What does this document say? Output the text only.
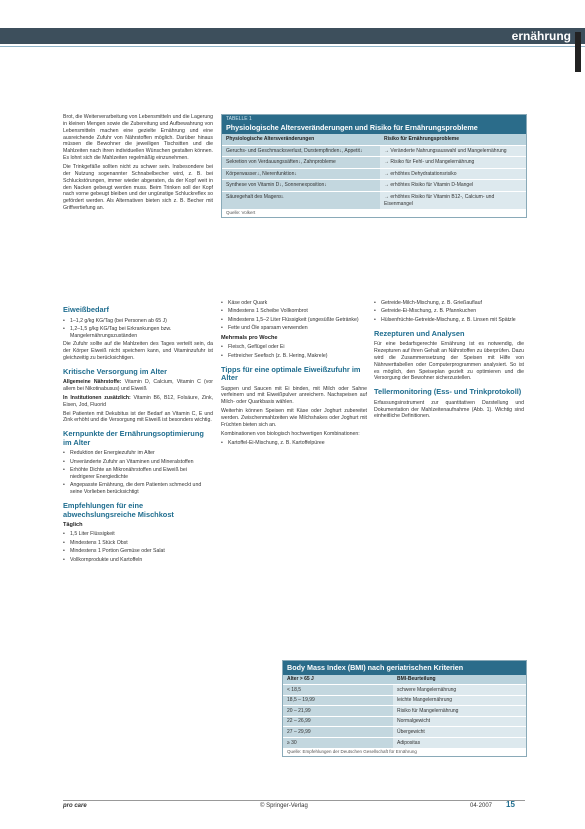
ernährung

Brot, die Weiterverarbeitung von Lebensmitteln und die Lagerung in kleinen Mengen sowie die Zubereitung und Aufbewahrung von Lebensmitteln machen eine gezielte Ernährung und eine ausreichende Zufuhr von Nährstoffen möglich. Darüber hinaus müssen die Bewohner die jeweiligen Tischsitten und die Mahlzeiten nach ihren individuellen Wünschen gestalten können. Es lohnt sich die Mahlzeiten regelmäßig einzunehmen.

Die Trinkgefäße sollten nicht zu schwer sein. Insbesondere bei der Nutzung sogenannter Schnabelbecher wird, z. B. bei Schluckstörungen, immer wieder abgeraten, da der Kopf weit in den Nacken gebeugt werden muss. Beim Trinken soll der Kopf nach vorne gebeugt bleiben und der ungünstige Schluckreflex so gefördert werden. Als Alternativen bieten sich z. B. Becher mit Griffvertiefung an.

TABELLE 1
Physiologische Altersveränderungen und Risiko für Ernährungsprobleme
Physiologische Altersveränderungen	Risiko für Ernährungsprobleme
Geruchs- und Geschmacksverlust, Durstempfinden↓, Appetit↓	→ Veränderte Nahrungsauswahl und Mangelernährung
Sekretion von Verdauungssäften↓, Zahnprobleme	→ Risiko für Fehl- und Mangelernährung
Körperwasser↓, Nierenfunktion↓	→ erhöhtes Dehydratationsrisiko
Synthese von Vitamin D↓, Sonnenexposition↓	→ erhöhtes Risiko für Vitamin D-Mangel
Säuregehalt des Magens↓	→ erhöhtes Risiko für Vitamin B12-, Calcium- und Eisenmangel
Quelle: Volkert
Eiweißbedarf
• 1–1,2 g/kg KG/Tag (bei Personen ab 65 J)
• 1,2–1,5 g/kg KG/Tag bei Erkrankungen bzw. Mangelernährungszuständen

Die Zufuhr sollte auf die Mahlzeiten des Tages verteilt sein, da der Körper Eiweiß nicht speichern kann, und Vitaminzufuhr ist gleichzeitig zu berücksichtigen.

Kritische Versorgung im Alter

Allgemeine Nährstoffe: Vitamin D, Calcium, Vitamin C (vor allem bei Nikotinabusus) und Eiweiß

In Institutionen zusätzlich: Vitamin B6, B12, Folsäure, Zink, Eisen, Jod, Fluorid

Bei Patienten mit Dekubitus ist der Bedarf an Vitamin C, E und Zink erhöht und die Versorgung mit Eiweiß ist besonders wichtig.

Kernpunkte der Ernährungsoptimierung im Alter
• Reduktion der Energiezufuhr im Alter
• Unveränderte Zufuhr an Vitaminen und Mineralstoffen
• Erhöhte Dichte an Mikronährstoffen und Eiweiß bei niedrigerer Energiedichte
• Angepasste Ernährung, die dem Patienten schmeckt und seine Vorlieben berücksichtigt
Empfehlungen für eine abwechslungsreiche Mischkost
Täglich
• 1,5 Liter Flüssigkeit
• Mindestens 1 Stück Obst
• Mindestens 1 Portion Gemüse oder Salat
• Vollkornprodukte und Kartoffeln
• Käse oder Quark
• Mindestens 1 Scheibe Vollkornbrot
• Mindestens 1,5–2 Liter Flüssigkeit (ungesüßte Getränke)
• Fette und Öle sparsam verwenden
Mehrmals pro Woche
• Fleisch, Geflügel oder Ei
• Fettreicher Seefisch (z. B. Hering, Makrele)
Tipps für eine optimale Eiweißzufuhr im Alter

Suppen und Saucen mit Ei binden, mit Milch oder Sahne verfeinern und mit Eiweißpulver anreichern. Nachspeisen auf Milch- oder Quarkbasis wählen.

Weiterhin können Speisen mit Käse oder Joghurt zubereitet werden. Zwischenmahlzeiten wie Milchshakes oder Joghurt mit Früchten bieten sich an.

Kombinationen von biologisch hochwertigen Kombinationen:

• Kartoffel-Ei-Mischung, z. B. Kartoffelpüree
• Getreide-Milch-Mischung, z. B. Grießauflauf
• Getreide-Ei-Mischung, z. B. Pfannkuchen
• Hülsenfrüchte-Getreide-Mischung, z. B. Linsen mit Spätzle
Rezepturen und Analysen

Für eine bedarfsgerechte Ernährung ist es notwendig, die Rezepturen auf ihren Gehalt an Nährstoffen zu überprüfen. Dazu wird die Zusammensetzung der Speisen mit Hilfe von Nährwerttabellen oder Computerprogrammen analysiert. So ist es möglich, den Speiseplan gezielt zu optimieren und die Versorgung der Bewohner sicherzustellen.

Tellermonitoring (Ess- und Trinkprotokoll)

Erfassungsinstrument zur quantitativen Darstellung und Dokumentation der Mahlzeitenaufnahme (Abb. 1). Wichtig sind einheitliche Definitionen.

Body Mass Index (BMI) nach geriatrischen Kriterien
Alter > 65 J	BMI-Beurteilung
< 18,5	schwere Mangelernährung
18,5 – 19,99	leichte Mangelernährung
20 – 21,99	Risiko für Mangelernährung
22 – 26,99	Normalgewicht
27 – 29,99	Übergewicht
≥ 30	Adipositas
Quelle: Empfehlungen der Deutschen Gesellschaft für Ernährung
pro care	© Springer-Verlag	04·2007 15
